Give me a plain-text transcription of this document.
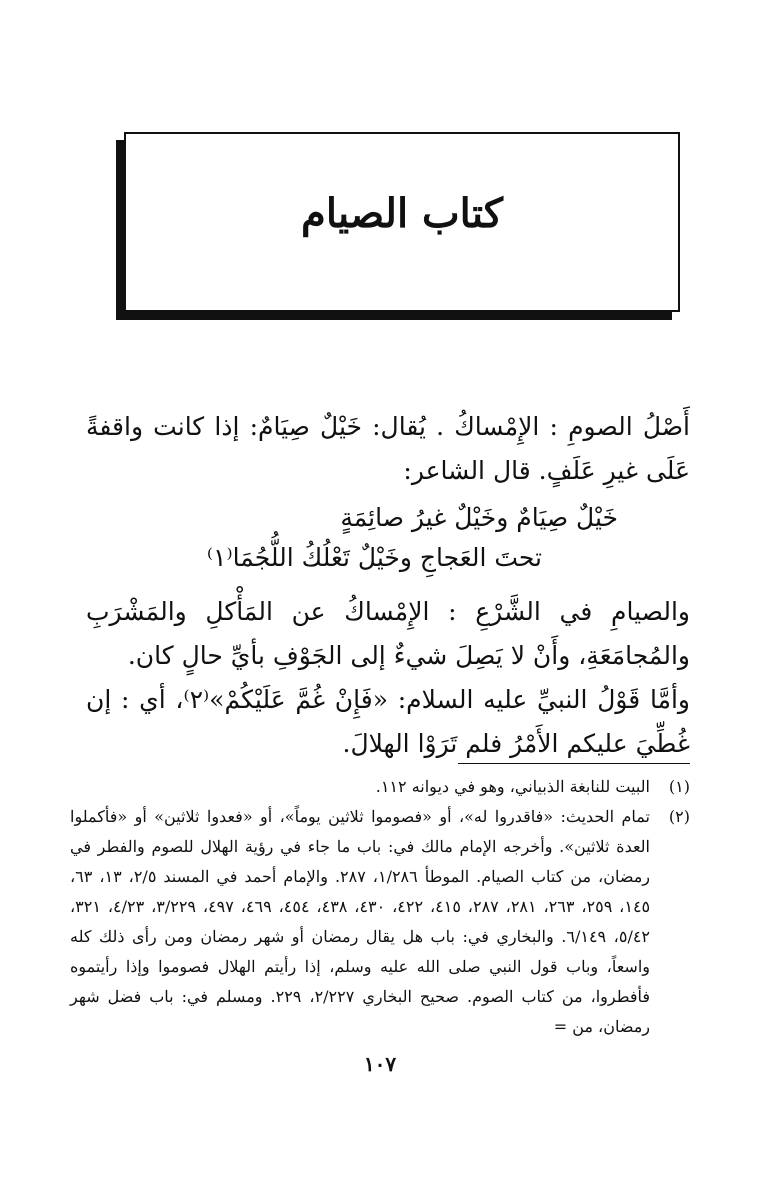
كتاب الصيام
أَصْلُ الصومِ : الإِمْساكُ . يُقال: خَيْلٌ صِيَامٌ: إذا كانت واقفةً عَلَى غيرِ عَلَفٍ. قال الشاعر:
خَيْلٌ صِيَامٌ وخَيْلٌ غيرُ صائِمَةٍ
تحتَ العَجاجِ وخَيْلٌ تَعْلُكُ اللُّجُمَا⁽١⁾
والصيامِ في الشَّرْعِ : الإِمْساكُ عن المَأْكلِ والمَشْرَبِ والمُجامَعَةِ، وأَنْ لا يَصِلَ شيءٌ إلى الجَوْفِ بأيِّ حالٍ كان.
وأمَّا قَوْلُ النبيِّ عليه السلام: «فَإِنْ غُمَّ عَلَيْكُمْ»⁽٢⁾، أي : إن غُطِّيَ عليكم الأَمْرُ فلم تَرَوْا الهلالَ.
(١)
البيت للنابغة الذبياني، وهو في ديوانه ١١٢.
(٢)
تمام الحديث: «فاقدروا له»، أو «فصوموا ثلاثين يوماً»، أو «فعدوا ثلاثين» أو «فأكملوا العدة ثلاثين». وأخرجه الإمام مالك في: باب ما جاء في رؤية الهلال للصوم والفطر في رمضان، من كتاب الصيام. الموطأ ١/٢٨٦، ٢٨٧. والإمام أحمد في المسند ٢/٥، ١٣، ٦٣، ١٤٥، ٢٥٩، ٢٦٣، ٢٨١، ٢٨٧، ٤١٥، ٤٢٢، ٤٣٠، ٤٣٨، ٤٥٤، ٤٦٩، ٤٩٧، ٣/٢٢٩، ٤/٢٣، ٣٢١، ٥/٤٢، ٦/١٤٩. والبخاري في: باب هل يقال رمضان أو شهر رمضان ومن رأى ذلك كله واسعاً، وباب قول النبي صلى الله عليه وسلم، إذا رأيتم الهلال فصوموا وإذا رأيتموه فأفطروا، من كتاب الصوم. صحيح البخاري ٢/٢٢٧، ٢٢٩. ومسلم في: باب فضل شهر رمضان، من =
١٠٧
